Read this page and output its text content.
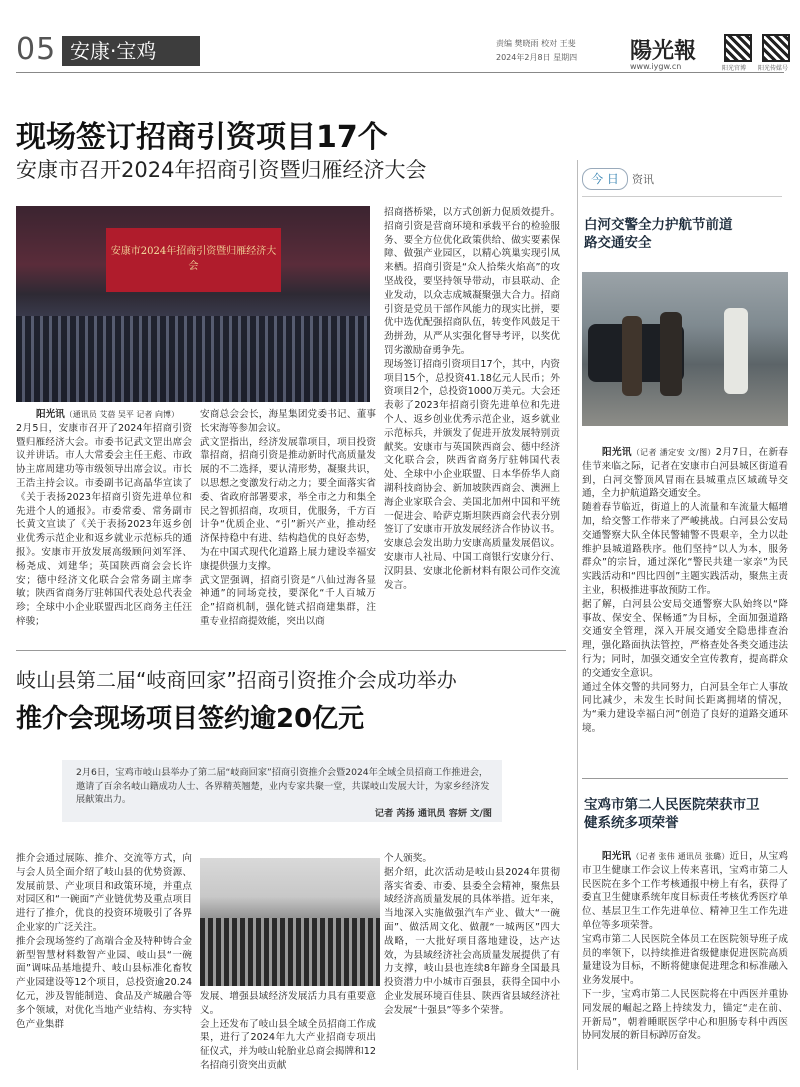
05 安康·宝鸡	责编 樊晓雨 校对 王斐
2024年2月8日 星期四 陽光報
www.iygw.cn	阳光官博 阳光传媒号
现场签订招商引资项目17个
安康市召开2024年招商引资暨归雁经济大会
安康市2024年招商引资暨归雁经济大会
阳光讯（通讯员 艾蓓 吴平 记者 向博）
2月5日，安康市召开了2024年招商引资暨归雁经济大会。市委书记武文罡出席会议并讲话。市人大常委会主任王彪、市政协主席周建功等市级领导出席会议。市长王浩主持会议。市委副书记高晶华宣读了《关于表扬2023年招商引资先进单位和先进个人的通报》。市委常委、常务副市长黄文宣读了《关于表扬2023年返乡创业优秀示范企业和返乡就业示范标兵的通报》。安康市开放发展高级顾问刘军泽、杨尧成、刘建华；英国陕西商会会长许安；德中经济文化联合会常务副主席李敏；陕西省商务厅驻韩国代表处总代表金珍；全球中小企业联盟西北区商务主任汪梓骏；
安商总会会长，海星集团党委书记、董事长宋海等参加会议。
武文罡指出，经济发展靠项目，项目投资靠招商，招商引资是推动新时代高质量发展的不二选择，要认清形势，凝聚共识，以思想之变激发行动之力；要全面落实省委、省政府部署要求，举全市之力和集全民之智抓招商，攻项目，优服务，千方百计争“优质企业、“引”新兴产业，推动经济保持稳中有进、结构趋优的良好态势，为在中国式现代化道路上展力建设幸福安康提供强力支撑。
武文罡强调，招商引资是“八仙过海各显神通”的同场竞技，要深化“千人百城万企”招商机制，强化链式招商建集群，注重专业招商提效能，突出以商
招商搭桥梁，以方式创新力促质效提升。招商引资是营商环境和承载平台的检验服务、要全方位优化政策供给、做实要素保障、做强产业园区，以精心筑巢实现引凤来栖。招商引资是“众人拾柴火焰高”的攻坚战役，要坚持领导带动，市县联动、企业发动，以众志成城凝聚强大合力。招商引资是党员干部作风能力的现实比拼，要优中选优配强招商队伍，转变作风鼓足干劲拼劲，从严从实强化督导考评，以奖优罚劣激励奋勇争先。
现场签订招商引资项目17个，其中，内资项目15个，总投资41.18亿元人民币；外资项目2个，总投资1000万美元。大会还表彰了2023年招商引资先进单位和先进个人、返乡创业优秀示范企业，返乡就业示范标兵，并颁发了促进开放发展特别贡献奖。安康市与英国陕西商会、德中经济文化联合会，陕西省商务厅驻韩国代表处、全球中小企业联盟、日本华侨华人商湖科技商协会、新加坡陕西商会、澳洲上海企业家联合会、美国北加州中国和平统一促进会、哈萨克斯坦陕西商会代表分别签订了安康市开放发展经济合作协议书。安康总会发出助力安康高质量发展倡议。安康市人社局、中国工商银行安康分行、汉阴县、安康北伦新材料有限公司作交流发言。
今 日	资讯
白河交警全力护航节前道路交通安全
阳光讯（记者 潘定安 文/图）2月7日，在新春佳节来临之际，记者在安康市白河县城区街道看到，白河交警顶风冒雨在县城重点区域疏导交通，全力护航道路交通安全。
随着春节临近，街道上的人流量和车流量大幅增加，给交警工作带来了严峻挑战。白河县公安局交通警察大队全体民警辅警不畏艰辛，全力以赴维护县城道路秩序。他们坚持“以人为本，服务群众”的宗旨，通过深化“警民共建一家亲”为民实践活动和“四比四创”主题实践活动，聚焦主责主业，积极推进事故预防工作。
据了解，白河县公安局交通警察大队始终以“降事故、保安全、保畅通”为目标，全面加强道路交通安全管理，深入开展交通安全隐患排查治理，强化路面执法管控，严格查处各类交通违法行为；同时，加强交通安全宣传教育，提高群众的交通安全意识。
通过全体交警的共同努力，白河县全年亡人事故同比减少，未发生长时间长距离拥堵的情况，为“乘力建设幸福白河”创造了良好的道路交通环境。
宝鸡市第二人民医院荣获市卫健系统多项荣誉
阳光讯（记者 张伟 通讯员 张璐）近日，从宝鸡市卫生健康工作会议上传来喜讯，宝鸡市第二人民医院在多个工作考核通报中榜上有名，获得了委直卫生健康系统年度目标责任考核优秀医疗单位、基层卫生工作先进单位、精神卫生工作先进单位等多项荣誉。
宝鸡市第二人民医院全体员工在医院领导班子成员的率领下，以持续推进省级健康促进医院高质量建设为目标，不断将健康促进理念和标准融入业务发展中。
下一步，宝鸡市第二人民医院将在中西医并重协同发展的崛起之路上持续发力，锚定“走在前、开新局”，朝着睡眠医学中心和胆肠专科中西医协同发展的新目标踔厉奋发。
岐山县第二届“岐商回家”招商引资推介会成功举办
推介会现场项目签约逾20亿元
2月6日，宝鸡市岐山县举办了第二届“岐商回家”招商引资推介会暨2024年全域全员招商工作推进会，邀请了百余名岐山籍成功人士、各界精英翘楚，业内专家共聚一堂，共谋岐山发展大计，为家乡经济发展献策出力。
记者 芮扬 通讯员 容妍 文/图
推介会通过展陈、推介、交流等方式，向与会人员全面介绍了岐山县的优势资源、发展前景、产业项目和政策环境，并重点对园区和“一碗面”产业链优势及重点项目进行了推介，优良的投资环境吸引了各界企业家的广泛关注。
推介会现场签约了高端合金及特种铸合金新型智慧材料数智产业园、岐山县“一碗面”调味品基地提升、岐山县标准化畜牧产业园建设等12个项目，总投资逾20.24亿元，涉及智能制造、食品及产城融合等多个领域，对优化当地产业结构、夯实特色产业集群
发展、增强县域经济发展活力具有重要意义。
会上还发布了岐山县全域全员招商工作成果，进行了2024年九大产业招商专项出征仪式，并为岐山轮胎业总商会揭牌和12名招商引资突出贡献
个人颁奖。
据介绍，此次活动是岐山县2024年贯彻落实省委、市委、县委全会精神，聚焦县域经济高质量发展的具体举措。近年来，当地深入实施做强汽车产业、做大“一碗面”、做活周文化、做靓“一城两区”四大战略，一大批好项目落地建设，达产达效，为县域经济社会高质量发展提供了有力支撑，岐山县也连续8年蹄身全国最具投资潜力中小城市百强县，获得全国中小企业发展环境百佳县、陕西省县域经济社会发展“十强县”等多个荣誉。
